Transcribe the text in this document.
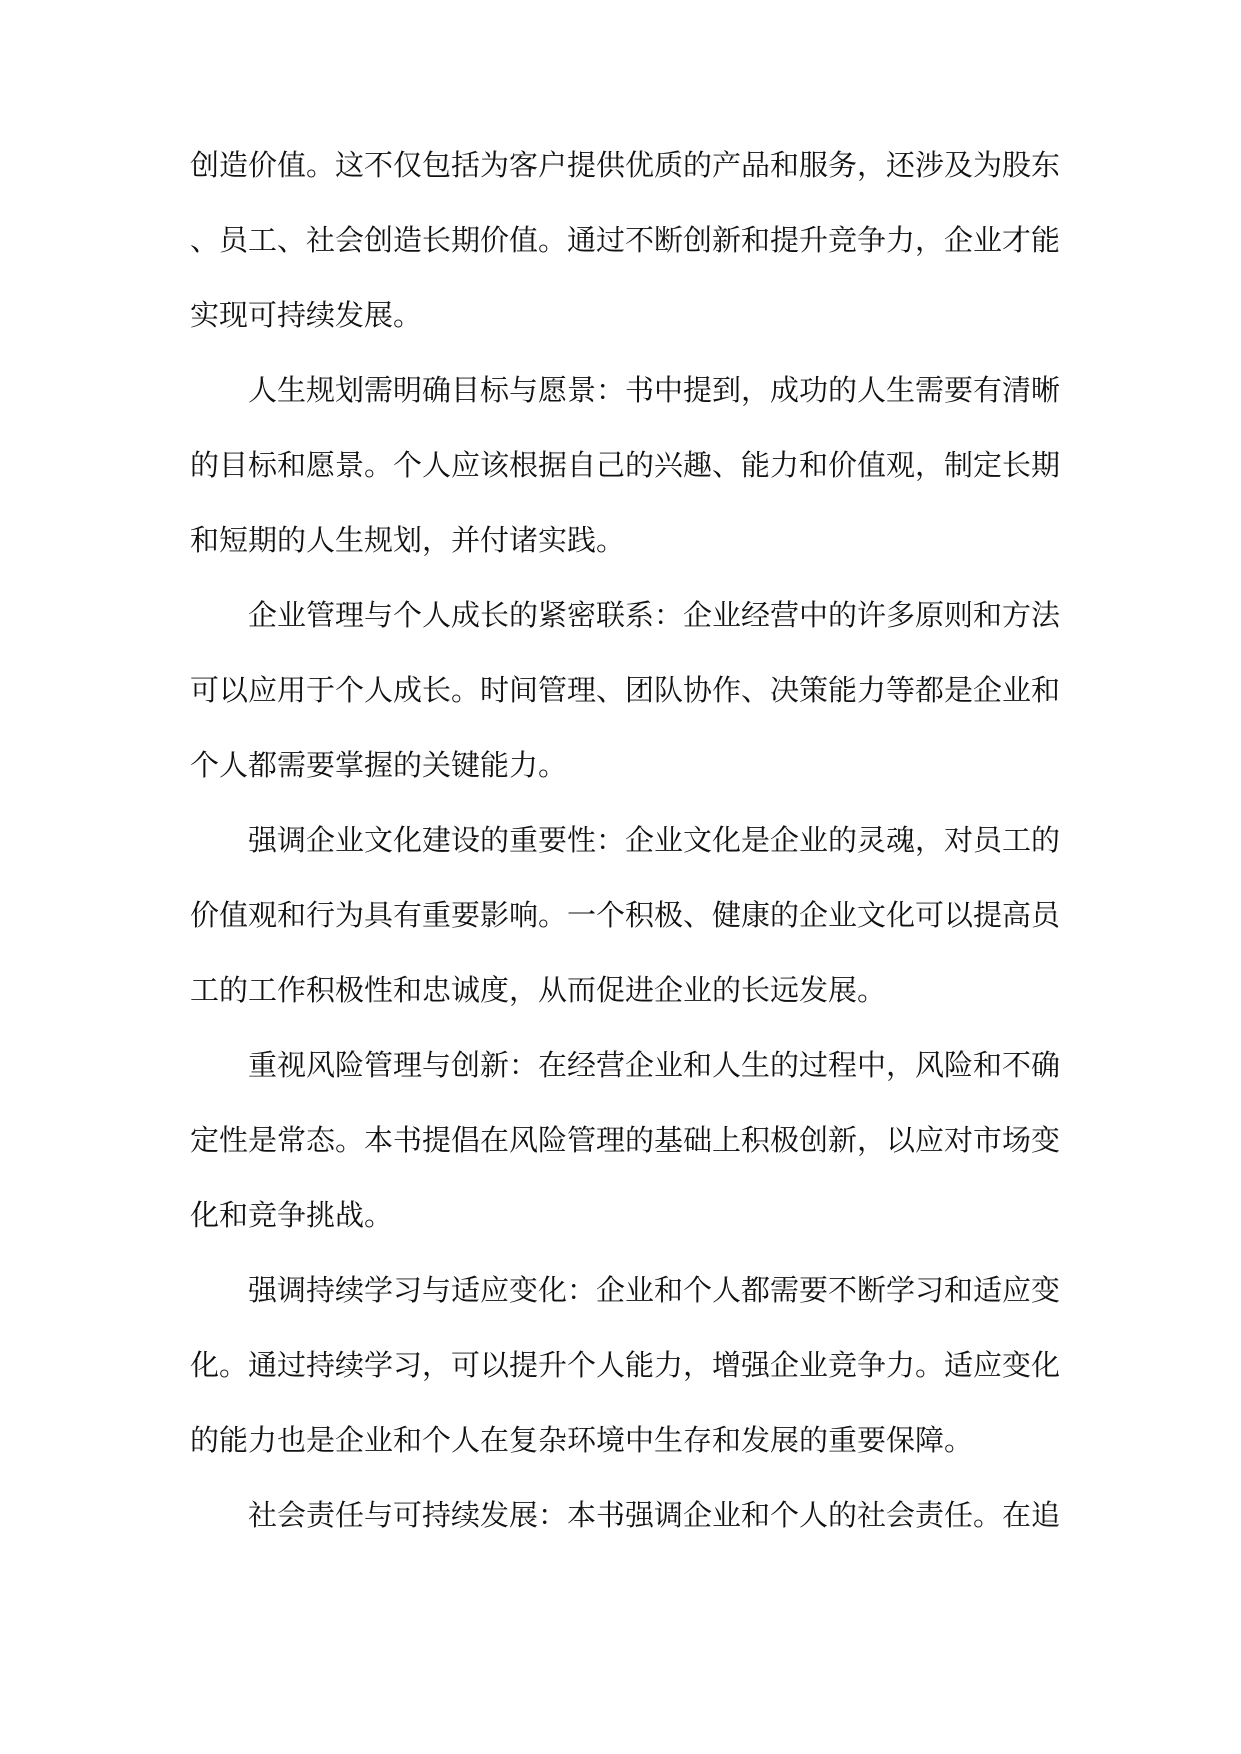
创造价值。这不仅包括为客户提供优质的产品和服务，还涉及为股东、员工、社会创造长期价值。通过不断创新和提升竞争力，企业才能实现可持续发展。

人生规划需明确目标与愿景：书中提到，成功的人生需要有清晰的目标和愿景。个人应该根据自己的兴趣、能力和价值观，制定长期和短期的人生规划，并付诸实践。

企业管理与个人成长的紧密联系：企业经营中的许多原则和方法可以应用于个人成长。时间管理、团队协作、决策能力等都是企业和个人都需要掌握的关键能力。

强调企业文化建设的重要性：企业文化是企业的灵魂，对员工的价值观和行为具有重要影响。一个积极、健康的企业文化可以提高员工的工作积极性和忠诚度，从而促进企业的长远发展。

重视风险管理与创新：在经营企业和人生的过程中，风险和不确定性是常态。本书提倡在风险管理的基础上积极创新，以应对市场变化和竞争挑战。

强调持续学习与适应变化：企业和个人都需要不断学习和适应变化。通过持续学习，可以提升个人能力，增强企业竞争力。适应变化的能力也是企业和个人在复杂环境中生存和发展的重要保障。

社会责任与可持续发展：本书强调企业和个人的社会责任。在追
